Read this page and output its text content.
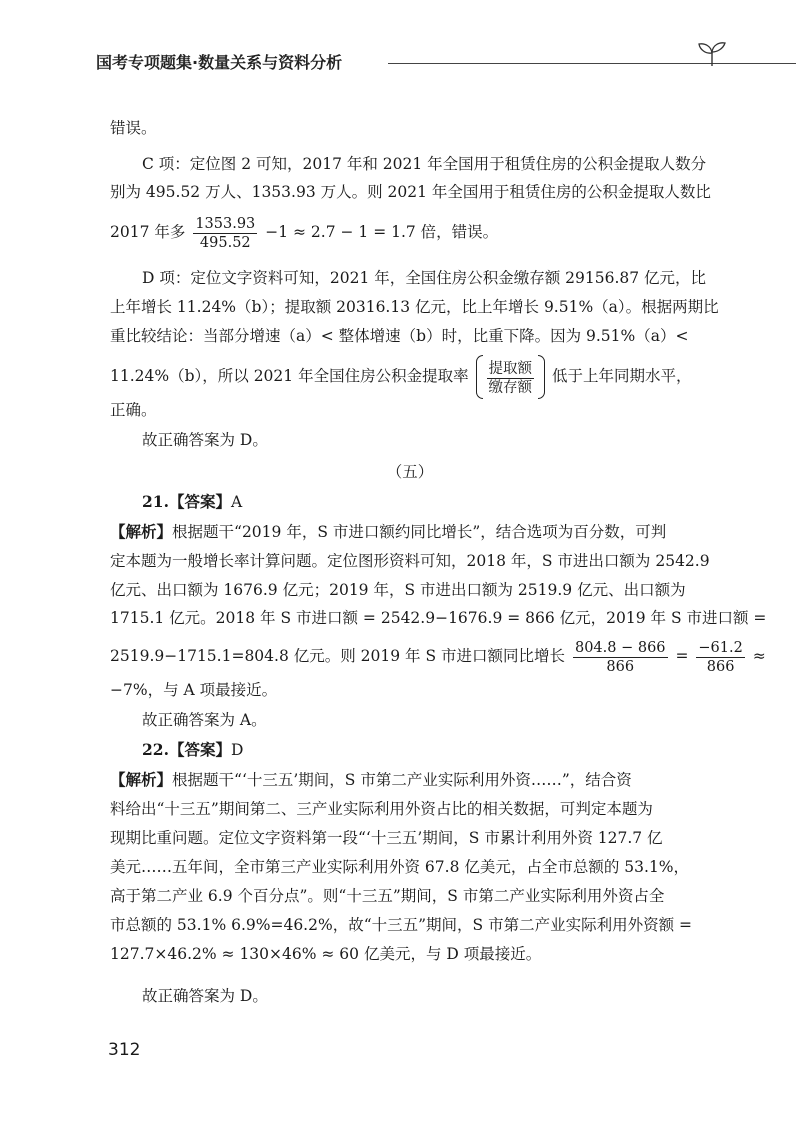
国考专项题集·数量关系与资料分析
错误。
C 项：定位图 2 可知，2017 年和 2021 年全国用于租赁住房的公积金提取人数分
别为 495.52 万人、1353.93 万人。则 2021 年全国用于租赁住房的公积金提取人数比
2017 年多 $\frac{1353.93}{495.52} -1 \approx 2.7 - 1 = 1.7$ 倍，错误。
D 项：定位文字资料可知，2021 年，全国住房公积金缴存额 29156.87 亿元，比
上年增长 11.24%（b）；提取额 20316.13 亿元，比上年增长 9.51%（a）。根据两期比
重比较结论：当部分增速（a）< 整体增速（b）时，比重下降。因为 9.51%（a）<
11.24%（b），所以 2021 年全国住房公积金提取率 $\frac{\text{提取额}}{\text{缴存额}}$ 低于上年同期水平，
正确。
故正确答案为 D。
（五）
21.【答案】A
【解析】根据题干“2019 年，S 市进口额约同比增长”，结合选项为百分数，可判
定本题为一般增长率计算问题。定位图形资料可知，2018 年，S 市进出口额为 2542.9
亿元、出口额为 1676.9 亿元；2019 年，S 市进出口额为 2519.9 亿元、出口额为
1715.1 亿元。2018 年 S 市进口额 = 2542.9−1676.9 = 866 亿元，2019 年 S 市进口额 =
2519.9−1715.1=804.8 亿元。则 2019 年 S 市进口额同比增长 $\frac{804.8 - 866}{866} = \frac{-61.2}{866}$ ≈
−7%，与 A 项最接近。
故正确答案为 A。
22.【答案】D
【解析】根据题干“‘十三五’期间，S 市第二产业实际利用外资……”，结合资
料给出“十三五”期间第二、三产业实际利用外资占比的相关数据，可判定本题为
现期比重问题。定位文字资料第一段“‘十三五’期间，S 市累计利用外资 127.7 亿
美元……五年间，全市第三产业实际利用外资 67.8 亿美元，占全市总额的 53.1%，
高于第二产业 6.9 个百分点”。则“十三五”期间，S 市第二产业实际利用外资占全
市总额的 53.1% 6.9%=46.2%，故“十三五”期间，S 市第二产业实际利用外资额 =
127.7×46.2% ≈ 130×46% ≈ 60 亿美元，与 D 项最接近。
故正确答案为 D。
312
